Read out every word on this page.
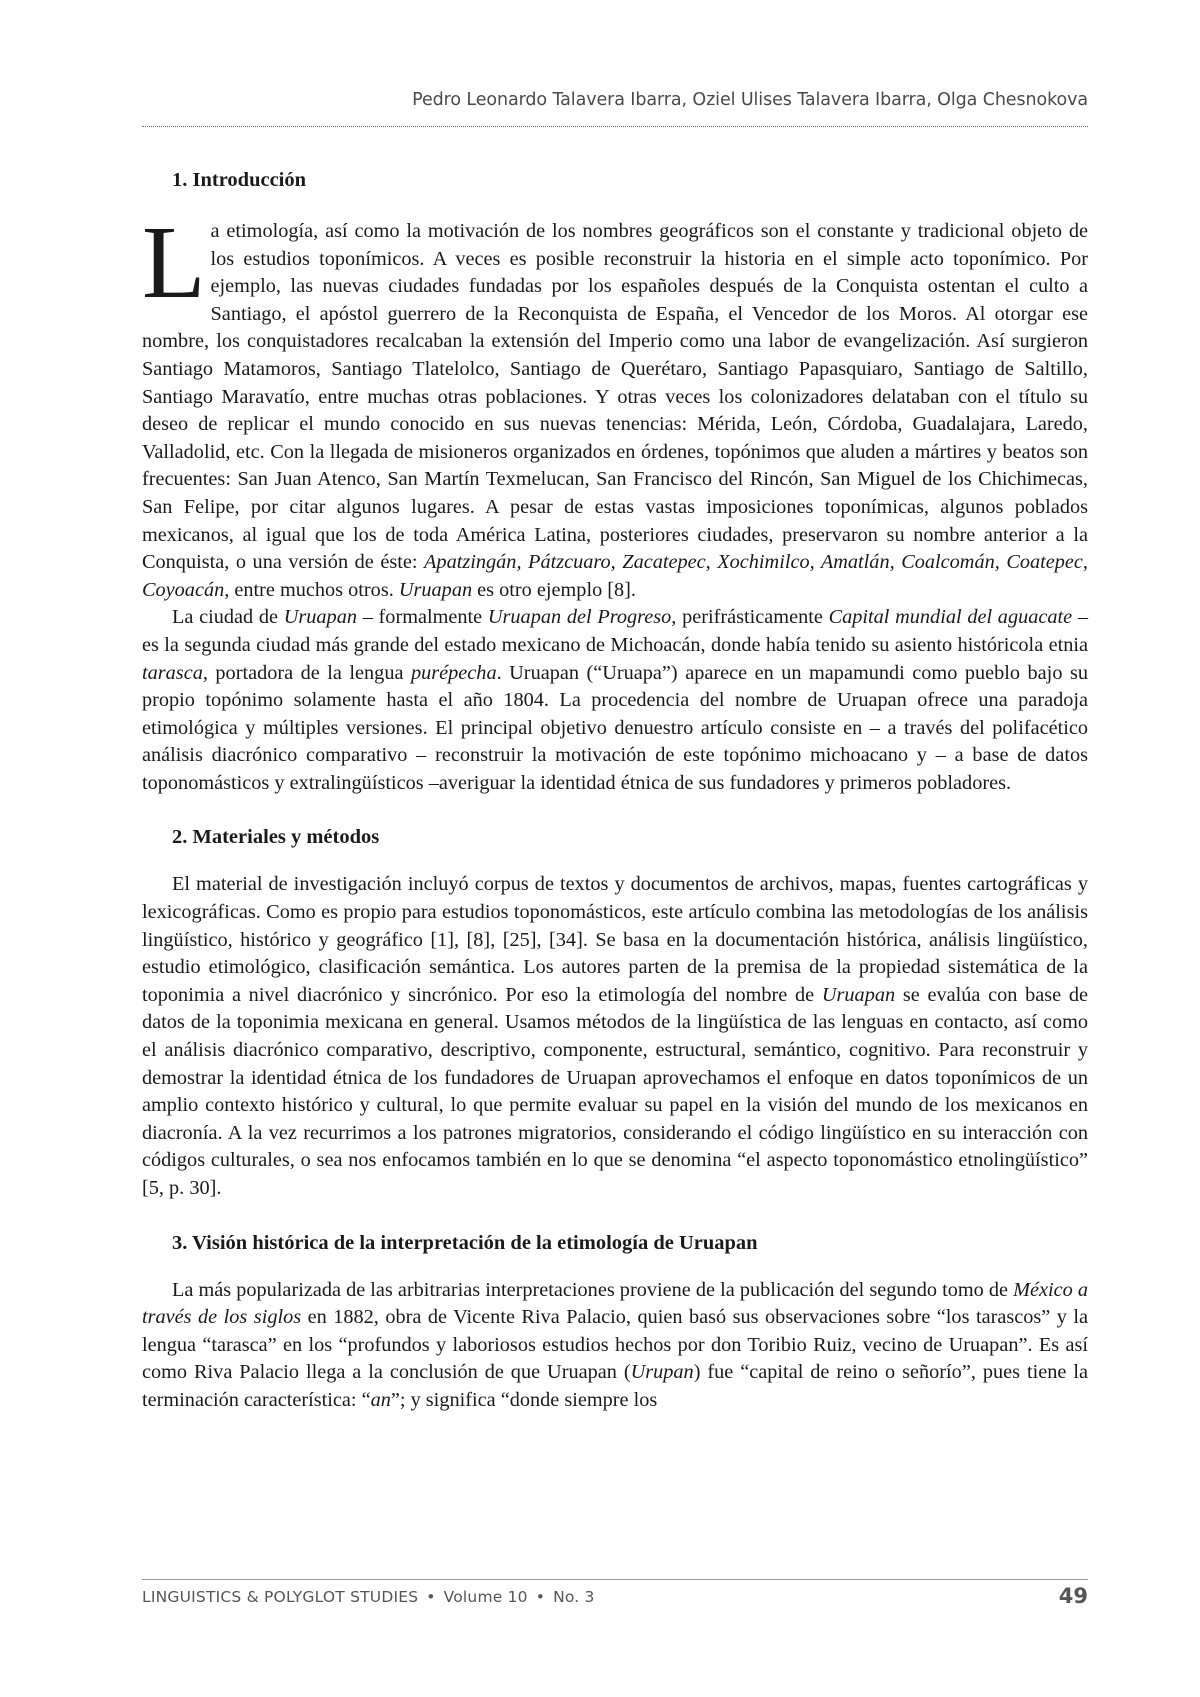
Pedro Leonardo Talavera Ibarra, Oziel Ulises Talavera Ibarra, Olga Chesnokova
1. Introducción

La etimología, así como la motivación de los nombres geográficos son el constante y tradicional objeto de los estudios toponímicos. A veces es posible reconstruir la historia en el simple acto toponímico. Por ejemplo, las nuevas ciudades fundadas por los españoles después de la Conquista ostentan el culto a Santiago, el apóstol guerrero de la Reconquista de España, el Vencedor de los Moros. Al otorgar ese nombre, los conquistadores recalcaban la extensión del Imperio como una labor de evangelización. Así surgieron Santiago Matamoros, Santiago Tlatelolco, Santiago de Querétaro, Santiago Papasquiaro, Santiago de Saltillo, Santiago Maravatío, entre muchas otras poblaciones. Y otras veces los colonizadores delataban con el título su deseo de replicar el mundo conocido en sus nuevas tenencias: Mérida, León, Córdoba, Guadalajara, Laredo, Valladolid, etc. Con la llegada de misioneros organizados en órdenes, topónimos que aluden a mártires y beatos son frecuentes: San Juan Atenco, San Martín Texmelucan, San Francisco del Rincón, San Miguel de los Chichimecas, San Felipe, por citar algunos lugares. A pesar de estas vastas imposiciones toponímicas, algunos poblados mexicanos, al igual que los de toda América Latina, posteriores ciudades, preservaron su nombre anterior a la Conquista, o una versión de éste: Apatzingán, Pátzcuaro, Zacatepec, Xochimilco, Amatlán, Coalcomán, Coatepec, Coyoacán, entre muchos otros. Uruapan es otro ejemplo [8].

La ciudad de Uruapan – formalmente Uruapan del Progreso, perifrásticamente Capital mundial del aguacate – es la segunda ciudad más grande del estado mexicano de Michoacán, donde había tenido su asiento históricola etnia tarasca, portadora de la lengua purépecha. Uruapan (“Uruapa”) aparece en un mapamundi como pueblo bajo su propio topónimo solamente hasta el año 1804. La procedencia del nombre de Uruapan ofrece una paradoja etimológica y múltiples versiones. El principal objetivo denuestro artículo consiste en – a través del polifacético análisis diacrónico comparativo – reconstruir la motivación de este topónimo michoacano y – a base de datos toponomásticos y extralingüísticos –averiguar la identidad étnica de sus fundadores y primeros pobladores.

2. Materiales y métodos

El material de investigación incluyó corpus de textos y documentos de archivos, mapas, fuentes cartográficas y lexicográficas. Como es propio para estudios toponomásticos, este artículo combina las metodologías de los análisis lingüístico, histórico y geográfico [1], [8], [25], [34]. Se basa en la documentación histórica, análisis lingüístico, estudio etimológico, clasificación semántica. Los autores parten de la premisa de la propiedad sistemática de la toponimia a nivel diacrónico y sincrónico. Por eso la etimología del nombre de Uruapan se evalúa con base de datos de la toponimia mexicana en general. Usamos métodos de la lingüística de las lenguas en contacto, así como el análisis diacrónico comparativo, descriptivo, componente, estructural, semántico, cognitivo. Para reconstruir y demostrar la identidad étnica de los fundadores de Uruapan aprovechamos el enfoque en datos toponímicos de un amplio contexto histórico y cultural, lo que permite evaluar su papel en la visión del mundo de los mexicanos en diacronía. A la vez recurrimos a los patrones migratorios, considerando el código lingüístico en su interacción con códigos culturales, o sea nos enfocamos también en lo que se denomina “el aspecto toponomástico etnolingüístico” [5, p. 30].

3. Visión histórica de la interpretación de la etimología de Uruapan

La más popularizada de las arbitrarias interpretaciones proviene de la publicación del segundo tomo de México a través de los siglos en 1882, obra de Vicente Riva Palacio, quien basó sus observaciones sobre “los tarascos” y la lengua “tarasca” en los “profundos y laboriosos estudios hechos por don Toribio Ruiz, vecino de Uruapan”. Es así como Riva Palacio llega a la conclusión de que Uruapan (Urupan) fue “capital de reino o señorío”, pues tiene la terminación característica: “an”; y significa “donde siempre los

LINGUISTICS & POLYGLOT STUDIES • Volume 10 • No. 3	49
